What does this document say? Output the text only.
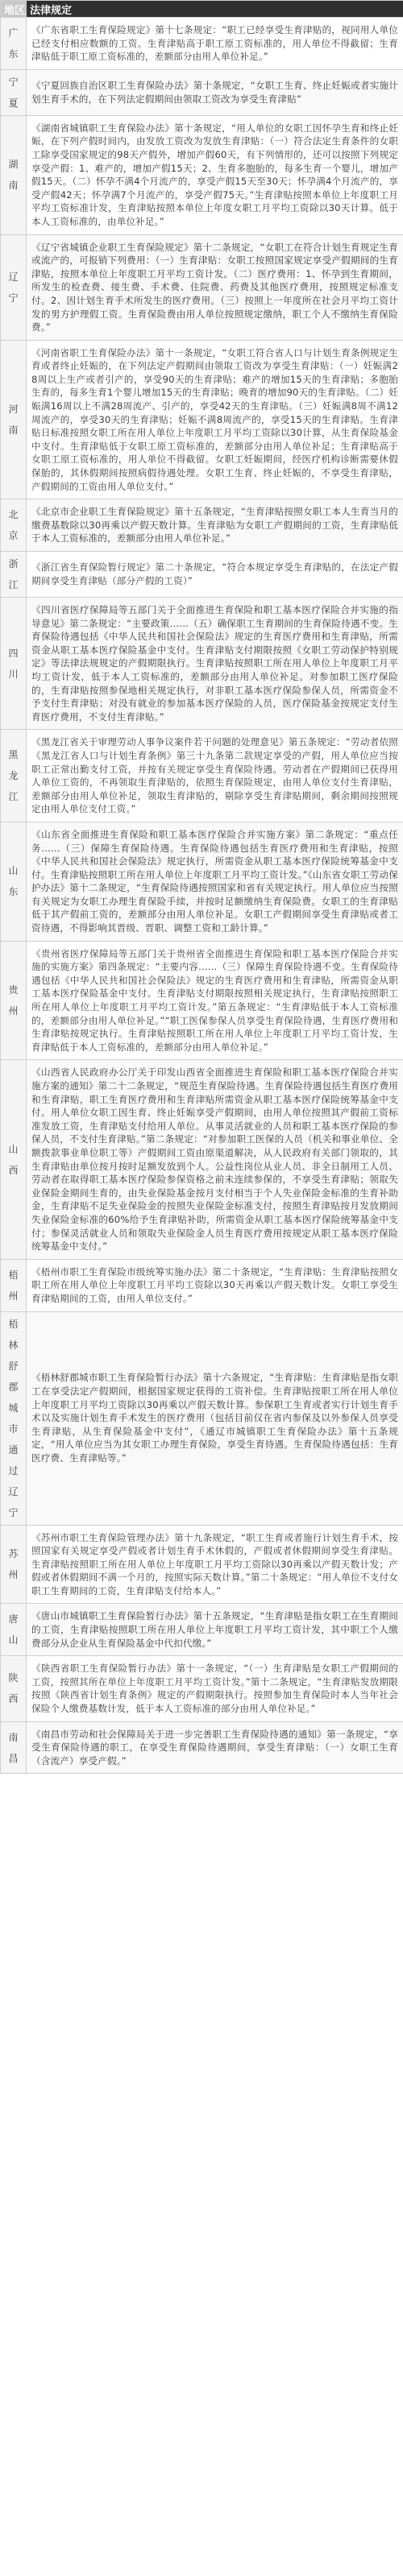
地区	法律规定
广东	《广东省职工生育保险规定》第十七条规定：“职工已经享受生育津贴的，视同用人单位已经支付相应数额的工资。生育津贴高于职工原工资标准的，用人单位不得截留；生育津贴低于职工原工资标准的，差额部分由用人单位补足。”
宁夏	《宁夏回族自治区职工生育保险办法》第十条规定，“女职工生育、终止妊娠或者实施计划生育手术的，在下列法定假期间由领取工资改为享受生育津贴”
湖南	《湖南省城镇职工生育保险办法》第十条规定，“用人单位的女职工因怀孕生育和终止妊娠，在下列产假时间内，由发放工资改为发放生育津贴：（一）符合法定生育条件的女职工除享受国家规定的98天产假外，增加产假60天，有下列情形的，还可以按照下列规定享受产假：1、难产的，增加产假15天；2、生育多胞胎的，每多生育一个婴儿，增加产假15天。（二）怀孕不满4个月流产的，享受产假15天至30天；怀孕满4个月流产的，享受产假42天；怀孕满7个月流产的，享受产假75天。”生育津贴按照本单位上年度职工月平均工资标准计发，生育津贴按照本单位上年度女职工月平均工资除以30天计算。低于本人工资标准的，由单位补足。”
辽宁	《辽宁省城镇企业职工生育保险规定》第十二条规定，“女职工在符合计划生育规定生育或流产的，可报销下列费用：（一）生育津贴：女职工按照国家规定享受产假期间的生育津贴，按照本单位上年度职工月平均工资计发。（二）医疗费用：1、怀孕到生育期间，所发生的检查费、接生费、手术费、住院费、药费及其他医疗费用，按照规定标准支付。2、因计划生育手术所发生的医疗费用。（三）按照上一年度所在社会月平均工资计发的男方护理假工资。生育保险费由用人单位按照规定缴纳，职工个人不缴纳生育保险费。”
河南	《河南省职工生育保险办法》第十一条规定，“女职工符合省人口与计划生育条例规定生育或者终止妊娠的，在下列法定产假期间由领取工资改为享受生育津贴：（一）妊娠满28周以上生产或者引产的，享受90天的生育津贴；难产的增加15天的生育津贴；多胞胎生育的，每多生育1个婴儿增加15天的生育津贴；晚育的增加90天的生育津贴。（二）妊娠满16周以上不满28周流产、引产的，享受42天的生育津贴。（三）妊娠满8周不满12周流产的，享受30天的生育津贴；妊娠不满8周流产的，享受15天的生育津贴。生育津贴日标准按照女职工所在用人单位上年度职工月平均工资除以30计算，从生育保险基金中支付。生育津贴低于女职工原工资标准的，差额部分由用人单位补足；生育津贴高于女职工原工资标准的，用人单位不得截留。女职工妊娠期间，经医疗机构诊断需要休假保胎的，其休假期间按照病假待遇处理。女职工生育、终止妊娠的，不享受生育津贴，产假期间的工资由用人单位支付。”
北京	《北京市企业职工生育保险规定》第十五条规定，“生育津贴按照女职工本人生育当月的缴费基数除以30再乘以产假天数计算。生育津贴为女职工产假期间的工资，生育津贴低于本人工资标准的，差额部分由用人单位补足。”
浙江	《浙江省生育保险暂行规定》第二十条规定，“符合本规定享受生育津贴的，在法定产假期间享受生育津贴（部分产假的工资）”
四川	《四川省医疗保障局等五部门关于全面推进生育保险和职工基本医疗保险合并实施的指导意见》第二条规定：“主要政策……（五）确保职工生育期间的生育保险待遇不变。生育保险待遇包括《中华人民共和国社会保险法》规定的生育医疗费用和生育津贴，所需资金从职工基本医疗保险基金中支付。生育津贴支付期限按照《女职工劳动保护特别规定》等法律法规规定的产假期限执行。生育津贴按照职工所在用人单位上年度职工月平均工资计发，低于本人工资标准的，差额部分由用人单位补足。对参加职工医疗保险的，生育津贴按照参保地相关规定执行，对非职工基本医疗保险参保人员，所需资金不予支付生育津贴；对没有就业的参加基本医疗保险的人员，医疗保险基金按规定支付生育医疗费用，不支付生育津贴。”
黑龙江	《黑龙江省关于审理劳动人事争议案件若干问题的处理意见》第五条规定：“劳动者依照《黑龙江省人口与计划生育条例》第三十九条第二款规定享受的产假，用人单位应当按职工正常出勤支付工资，并按有关规定享受生育保险待遇。劳动者在产假期间已获得用人单位工资的，不再领取生育津贴的，依照生育保险规定，由用人单位支付生育津贴，差额部分由用人单位补足，领取生育津贴的，剔除享受生育津贴期间，剩余期间按照规定由用人单位支付工资。”
山东	《山东省全面推进生育保险和职工基本医疗保险合并实施方案》第二条规定：“重点任务……（三）保障生育保险待遇。生育保险待遇包括生育医疗费用和生育津贴，按照《中华人民共和国社会保险法》规定执行，所需资金从职工基本医疗保险统筹基金中支付。生育津贴按照职工所在用人单位上年度职工月平均工资计发。”《山东省女职工劳动保护办法》第十二条规定，“生育保险待遇按照国家和省有关规定执行。用人单位应当按照有关规定为女职工办理生育保险手续，并按时足额缴纳生育保险费。女职工的生育津贴低于其产假前工资的，差额部分由用人单位补足。女职工产假期间享受生育津贴或者工资待遇，不得影响其晋级、晋职、调整工资和工龄计算。”
贵州	《贵州省医疗保障局等五部门关于贵州省全面推进生育保险和职工基本医疗保险合并实施的实施方案》第四条规定：“主要内容……（三）保障生育保险待遇不变。生育保险待遇包括《中华人民共和国社会保险法》规定的生育医疗费用和生育津贴，所需资金从职工基本医疗保险基金中支付。生育津贴支付期限按照相关规定执行，生育津贴按照职工所在用人单位上年度职工月平均工资计发。”第五条规定：“生育津贴低于本人工资标准的，差额部分由用人单位补足。”“职工医保参保人员享受生育保险待遇，生育医疗费用和生育津贴按规定执行。生育津贴按照职工所在用人单位上年度职工月平均工资计发，生育津贴低于本人工资标准的，差额部分由用人单位补足。”
山西	《山西省人民政府办公厅关于印发山西省全面推进生育保险和职工基本医疗保险合并实施方案的通知》第二十二条规定，“规范生育保险待遇。生育保险待遇包括生育医疗费用和生育津贴，职工生育医疗费用和生育津贴所需资金从职工基本医疗保险统筹基金中支付。用人单位女职工因生育、终止妊娠享受产假期间，由用人单位按照其产假前工资标准发放工资，生育津贴支付给用人单位。从事灵活就业的人员和职工基本医疗保险的参保人员，不支付生育津贴。”第二条规定：“对参加职工医保的人员（机关和事业单位、全额拨款事业单位职工等）产假期间工资由原渠道解决，从人民政府有关部门领取的，其生育津贴由单位按月按时足额发放到个人。公益性岗位从业人员、非全日制用工人员、劳动者在取得职工基本医疗保险参保资格之前未连续参保的，不享受生育津贴；领取失业保险金期间生育的，由失业保险基金按月支付相当于个人失业保险金标准的生育补助金，生育津贴不足失业保险金的按照失业保险金标准支付，按照生育津贴按月发放期间失业保险金标准的60%给予生育津贴补助，所需资金从职工基本医疗保险统筹基金中支付；参保灵活就业人员和领取失业保险金人员生育医疗费用按规定从职工基本医疗保险统筹基金中支付。”
梧州	《梧州市职工生育保险市级统筹实施办法》第二十条规定，“生育津贴：生育津贴按照女职工所在用人单位上年度职工月平均工资除以30天再乘以产假天数计发。女职工享受生育津贴期间的工资，由用人单位支付。”
梧林舒郡城市通过辽宁	《梧林舒郡城市职工生育保险暂行办法》第十六条规定，“生育津贴：生育津贴是指女职工在享受法定产假期间，根据国家规定获得的工资补偿。生育津贴按职工所在用人单位上年度职工月平均工资除以30再乘以产假天数计算。参保职工生育或者实行计划生育手术以及实施计划生育手术发生的医疗费用（包括目前仅在省内参保及以外参保人员享受生育津贴，从生育保险基金中支付”，《通辽市城镇职工生育保险办法》第十五条规定，“用人单位应当为其女职工办理生育保险，享受生育待遇。生育保险待遇包括：生育医疗费、生育津贴等。”
苏州	《苏州市职工生育保险管理办法》第十九条规定，“职工生育或者施行计划生育手术，按照国家有关规定享受产假或者计划生育手术休假的，产假或者休假期间享受生育津贴。生育津贴按照职工所在用人单位上年度职工月平均工资除以30再乘以产假天数计发；产假或者休假期间不满一个月的，按照实际天数计算。”第二十条规定：“用人单位不支付女职工生育期间的工资，生育津贴支付给本人。”
唐山	《唐山市城镇职工生育保险暂行办法》第十五条规定，“生育津贴是指女职工在生育期间的工资，生育津贴按照职工所在用人单位上年度职工月平均工资计发，其中职工个人缴费部分从企业从生育保险基金中代扣代缴。”
陕西	《陕西省职工生育保险暂行办法》第十一条规定，“（一）生育津贴是女职工产假期间的工资，按照其所在单位上年度职工月平均工资计发。”第十二条规定，“生育津贴发放期限按照《陕西省计划生育条例》规定的产假期限执行。按照参加生育保险时本人当年社会保险个人缴费基数计发，低于本人工资标准的部分由用人单位补足。”
南昌	《南昌市劳动和社会保障局关于进一步完善职工生育保险待遇的通知》第一条规定，“享受生育保险待遇的职工，在享受生育保险待遇期间，享受生育津贴：（一）女职工生育（含流产）享受产假。”
